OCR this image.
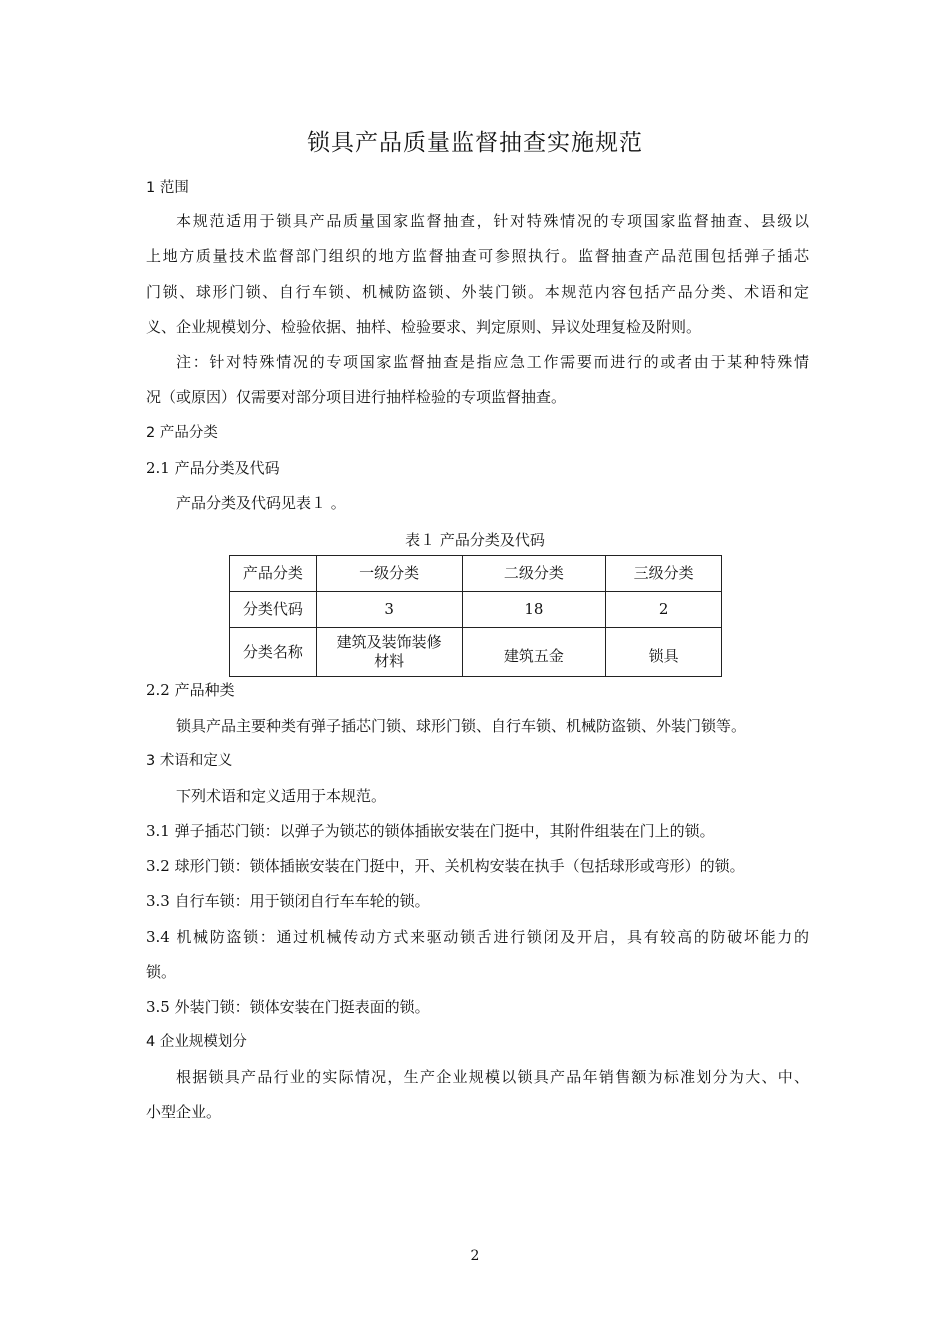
锁具产品质量监督抽查实施规范
1 范围
本规范适用于锁具产品质量国家监督抽查，针对特殊情况的专项国家监督抽查、县级以
上地方质量技术监督部门组织的地方监督抽查可参照执行。监督抽查产品范围包括弹子插芯
门锁、球形门锁、自行车锁、机械防盗锁、外装门锁。本规范内容包括产品分类、术语和定
义、企业规模划分、检验依据、抽样、检验要求、判定原则、异议处理复检及附则。
注：针对特殊情况的专项国家监督抽查是指应急工作需要而进行的或者由于某种特殊情
况（或原因）仅需要对部分项目进行抽样检验的专项监督抽查。
2 产品分类
2.1 产品分类及代码
产品分类及代码见表１ 。
表１ 产品分类及代码
产品分类	一级分类	二级分类	三级分类
分类代码	3	18	2
分类名称	建筑及装饰装修材料	建筑五金	锁具
2.2 产品种类
锁具产品主要种类有弹子插芯门锁、球形门锁、自行车锁、机械防盗锁、外装门锁等。
3 术语和定义
下列术语和定义适用于本规范。
3.1 弹子插芯门锁：以弹子为锁芯的锁体插嵌安装在门挺中，其附件组装在门上的锁。
3.2 球形门锁：锁体插嵌安装在门挺中，开、关机构安装在执手（包括球形或弯形）的锁。
3.3 自行车锁：用于锁闭自行车车轮的锁。
3.4 机械防盗锁：通过机械传动方式来驱动锁舌进行锁闭及开启，具有较高的防破坏能力的
锁。
3.5 外装门锁：锁体安装在门挺表面的锁。
4 企业规模划分
根据锁具产品行业的实际情况，生产企业规模以锁具产品年销售额为标准划分为大、中、
小型企业。
2
